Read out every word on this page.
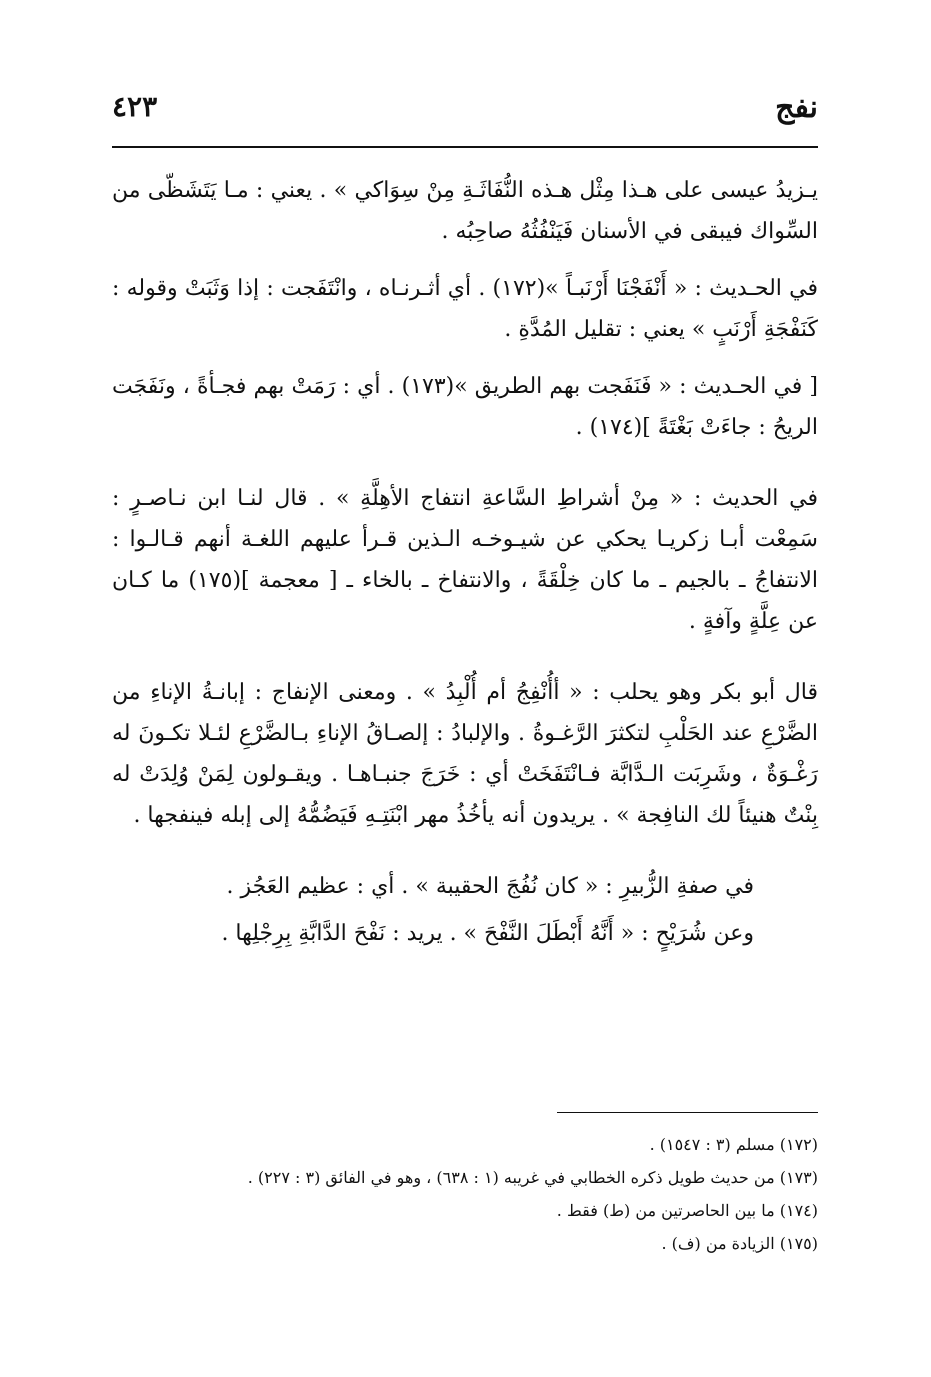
نفج
٤٢٣

يـزيدُ عيسى على هـذا مِثْل هـذه النُّفَاثَـةِ مِنْ سِوَاكي » . يعني : مـا يَتَشَظّى من السِّواك فيبقى في الأسنان فَيَنْفُثُهُ صاحِبُه .

في الحـديث : « أَنْفَجْنَا أَرْنَبـاً »(١٧٢) . أي أثـرنـاه ، وانْتَفَجت : إذا وَثَبَتْ وقوله : كَنَفْجَةِ أَرْنَبٍ » يعني : تقليل المُدَّةِ .

[ في الحـديث : « فَنَفَجت بهم الطريق »(١٧٣) . أي : رَمَتْ بهم فجـأةً ، ونَفَجَت الريحُ : جاءَتْ بَغْتَةً ](١٧٤) .

في الحديث : « مِنْ أشراطِ السَّاعةِ انتفاج الأهِلَّةِ » . قال لنـا ابن نـاصـرٍ : سَمِعْت أبـا زكريـا يحكي عن شيـوخـه الـذين قـرأ عليهم اللغـة أنهم قـالـوا : الانتفاجُ ـ بالجيم ـ ما كان خِلْقَةً ، والانتفاخ ـ بالخاء ـ [ معجمة ](١٧٥) ما كـان عن عِلَّةٍ وآفةٍ .

قال أبو بكر وهو يحلب : « أأُنْفِجُ أم أُلْبِدُ » . ومعنى الإنفاج : إبانـةُ الإناءِ من الضَّرْعِ عند الحَلْبِ لتكثرَ الرَّغـوةُ . والإلبادُ : إلصـاقُ الإناءِ بـالضَّرْعِ لئـلا تكـونَ له رَغْـوَةٌ ، وشَرِبَت الـدَّابَّة فـانْتَفَخَتْ أي : خَرَجَ جنبـاهـا . ويقـولون لِمَنْ وُلِدَتْ له بِنْتٌ هنيئاً لك النافِجة » . يريدون أنه يأخُذُ مهر ابْنَتِـهِ فَيَضُمُّهُ إلى إبله فينفجها .

في صفةِ الزُّبيرِ : « كان نُفُجَ الحقيبة » . أي : عظيم العَجُز .

وعن شُرَيْحٍ : « أَنَّهُ أَبْطَلَ النَّفْحَ » . يريد : نَفْحَ الدَّابَّةِ بِرِجْلِها .

(١٧٢) مسلم (٣ : ١٥٤٧) .

(١٧٣) من حديث طويل ذكره الخطابي في غريبه (١ : ٦٣٨) ، وهو في الفائق (٣ : ٢٢٧) .

(١٧٤) ما بين الحاصرتين من (ط) فقط .

(١٧٥) الزيادة من (ف) .
